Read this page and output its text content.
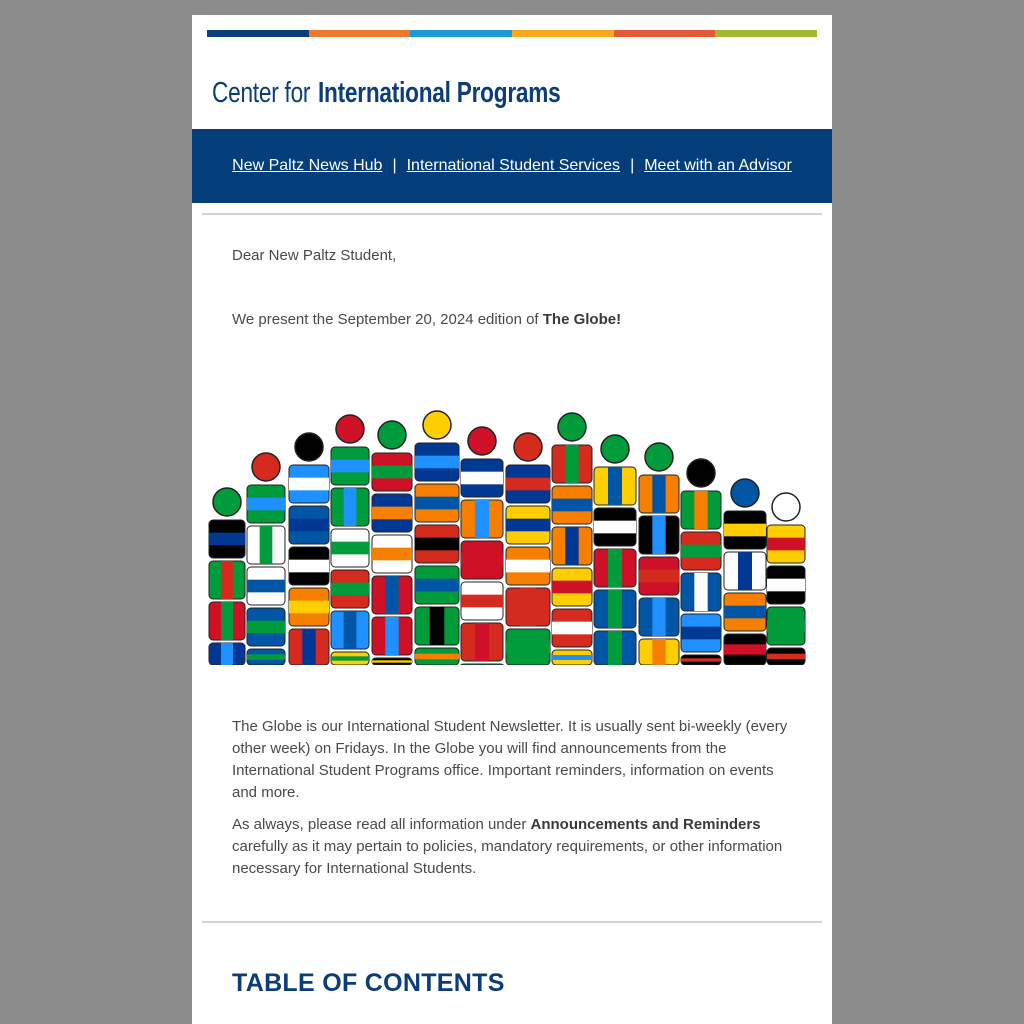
Center for International Programs
New Paltz News Hub | International Student Services | Meet with an Advisor
Dear New Paltz Student,
We present the September 20, 2024 edition of The Globe!
The Globe is our International Student Newsletter. It is usually sent bi-weekly (every other week) on Fridays. In the Globe you will find announcements from the International Student Programs office. Important reminders, information on events and more.
As always, please read all information under Announcements and Reminders carefully as it may pertain to policies, mandatory requirements, or other information necessary for International Students.
TABLE OF CONTENTS
